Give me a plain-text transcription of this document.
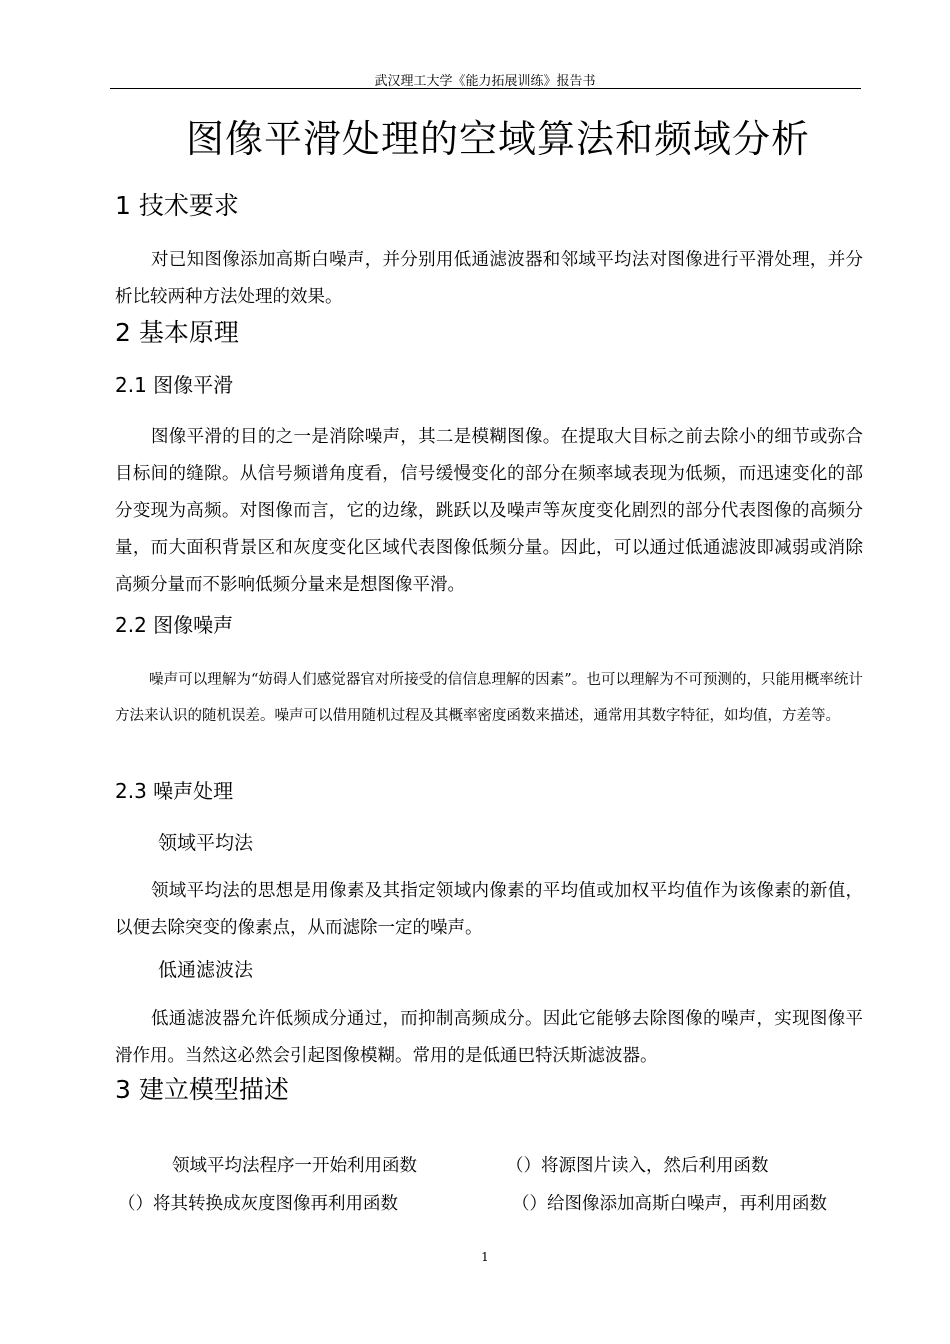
武汉理工大学《能力拓展训练》报告书
图像平滑处理的空域算法和频域分析
1 技术要求
对已知图像添加高斯白噪声，并分别用低通滤波器和邻域平均法对图像进行平滑处理，并分析比较两种方法处理的效果。
2 基本原理
2.1 图像平滑
图像平滑的目的之一是消除噪声，其二是模糊图像。在提取大目标之前去除小的细节或弥合目标间的缝隙。从信号频谱角度看，信号缓慢变化的部分在频率域表现为低频，而迅速变化的部分变现为高频。对图像而言，它的边缘，跳跃以及噪声等灰度变化剧烈的部分代表图像的高频分量，而大面积背景区和灰度变化区域代表图像低频分量。因此，可以通过低通滤波即减弱或消除高频分量而不影响低频分量来是想图像平滑。
2.2 图像噪声
噪声可以理解为“妨碍人们感觉器官对所接受的信信息理解的因素”。也可以理解为不可预测的，只能用概率统计方法来认识的随机误差。噪声可以借用随机过程及其概率密度函数来描述，通常用其数字特征，如均值，方差等。
2.3 噪声处理
领域平均法
领域平均法的思想是用像素及其指定领域内像素的平均值或加权平均值作为该像素的新值，以便去除突变的像素点，从而滤除一定的噪声。
低通滤波法
低通滤波器允许低频成分通过，而抑制高频成分。因此它能够去除图像的噪声，实现图像平滑作用。当然这必然会引起图像模糊。常用的是低通巴特沃斯滤波器。
3 建立模型描述
领域平均法程序一开始利用函数	（）将源图片读入，然后利用函数
（）将其转换成灰度图像再利用函数	（）给图像添加高斯白噪声，再利用函数
1
